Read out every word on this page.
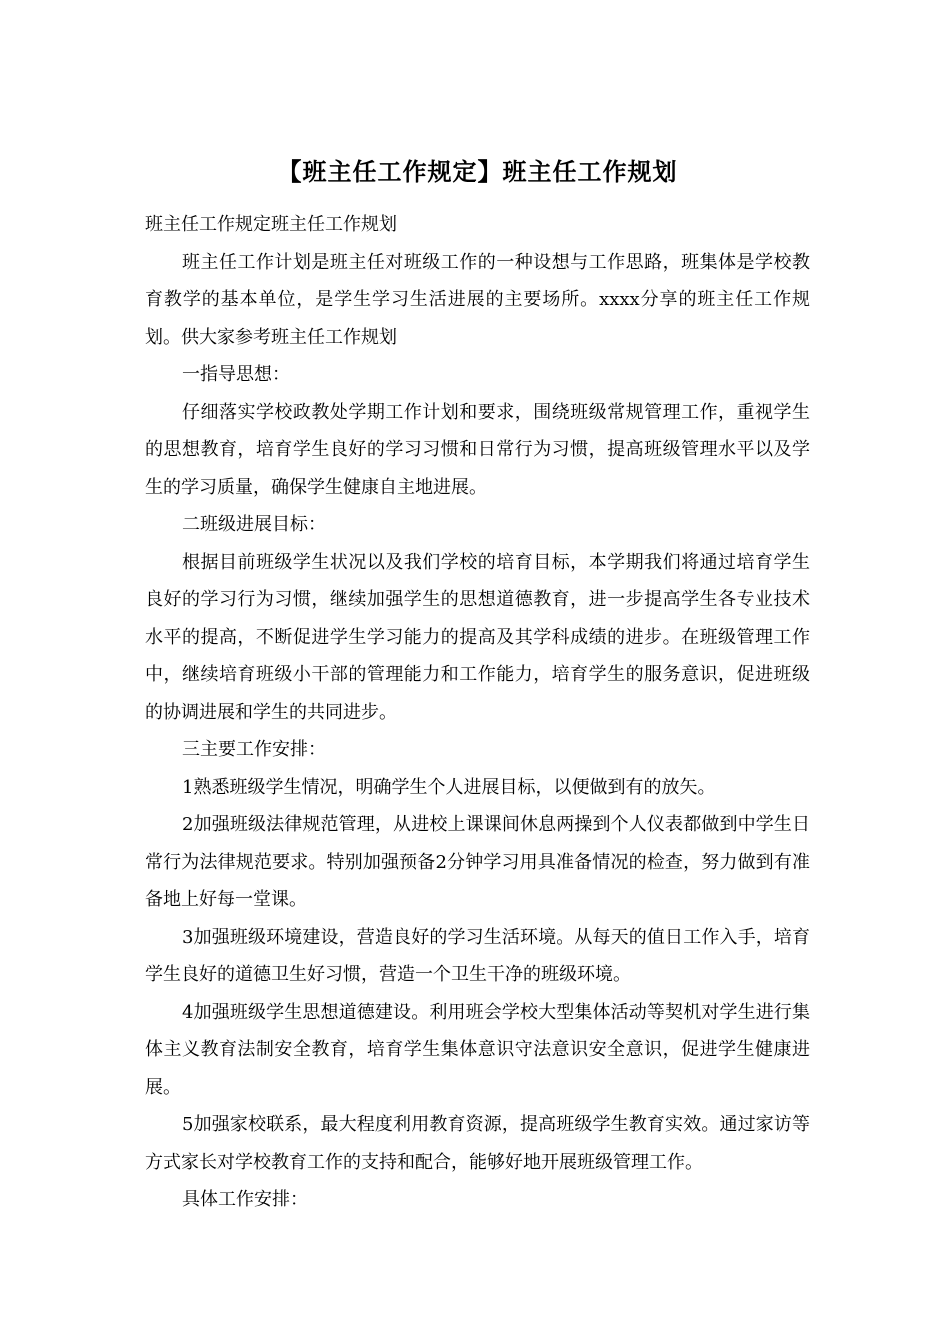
【班主任工作规定】班主任工作规划

班主任工作规定班主任工作规划

班主任工作计划是班主任对班级工作的一种设想与工作思路，班集体是学校教育教学的基本单位，是学生学习生活进展的主要场所。xxxx分享的班主任工作规划。供大家参考班主任工作规划

一指导思想：

仔细落实学校政教处学期工作计划和要求，围绕班级常规管理工作，重视学生的思想教育，培育学生良好的学习习惯和日常行为习惯，提高班级管理水平以及学生的学习质量，确保学生健康自主地进展。

二班级进展目标：

根据目前班级学生状况以及我们学校的培育目标，本学期我们将通过培育学生良好的学习行为习惯，继续加强学生的思想道德教育，进一步提高学生各专业技术水平的提高，不断促进学生学习能力的提高及其学科成绩的进步。在班级管理工作中，继续培育班级小干部的管理能力和工作能力，培育学生的服务意识，促进班级的协调进展和学生的共同进步。

三主要工作安排：

1熟悉班级学生情况，明确学生个人进展目标，以便做到有的放矢。

2加强班级法律规范管理，从进校上课课间休息两操到个人仪表都做到中学生日常行为法律规范要求。特别加强预备2分钟学习用具准备情况的检查，努力做到有准备地上好每一堂课。

3加强班级环境建设，营造良好的学习生活环境。从每天的值日工作入手，培育学生良好的道德卫生好习惯，营造一个卫生干净的班级环境。

4加强班级学生思想道德建设。利用班会学校大型集体活动等契机对学生进行集体主义教育法制安全教育，培育学生集体意识守法意识安全意识，促进学生健康进展。

5加强家校联系，最大程度利用教育资源，提高班级学生教育实效。通过家访等方式家长对学校教育工作的支持和配合，能够好地开展班级管理工作。

具体工作安排：
